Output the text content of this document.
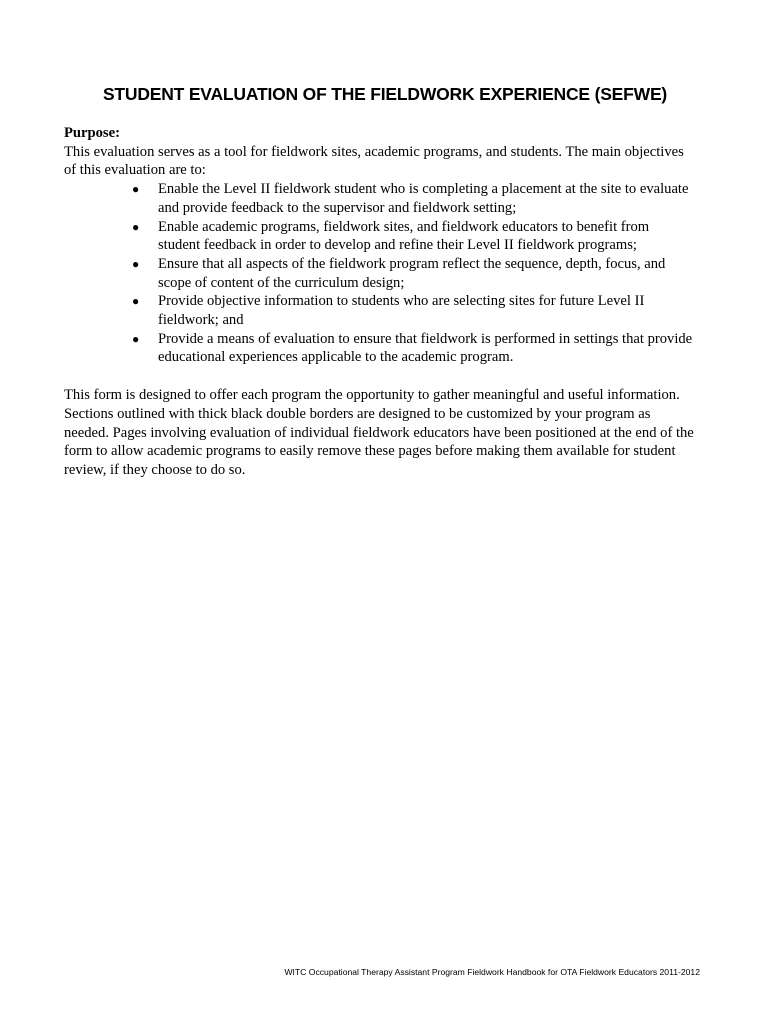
STUDENT EVALUATION OF THE FIELDWORK EXPERIENCE (SEFWE)

Purpose:

This evaluation serves as a tool for fieldwork sites, academic programs, and students. The main objectives of this evaluation are to:

● Enable the Level II fieldwork student who is completing a placement at the site to evaluate and provide feedback to the supervisor and fieldwork setting;
● Enable academic programs, fieldwork sites, and fieldwork educators to benefit from student feedback in order to develop and refine their Level II fieldwork programs;
● Ensure that all aspects of the fieldwork program reflect the sequence, depth, focus, and scope of content of the curriculum design;
● Provide objective information to students who are selecting sites for future Level II fieldwork; and
● Provide a means of evaluation to ensure that fieldwork is performed in settings that provide educational experiences applicable to the academic program.

This form is designed to offer each program the opportunity to gather meaningful and useful information. Sections outlined with thick black double borders are designed to be customized by your program as needed. Pages involving evaluation of individual fieldwork educators have been positioned at the end of the form to allow academic programs to easily remove these pages before making them available for student review, if they choose to do so.

WITC Occupational Therapy Assistant Program Fieldwork Handbook for OTA Fieldwork Educators 2011-2012
